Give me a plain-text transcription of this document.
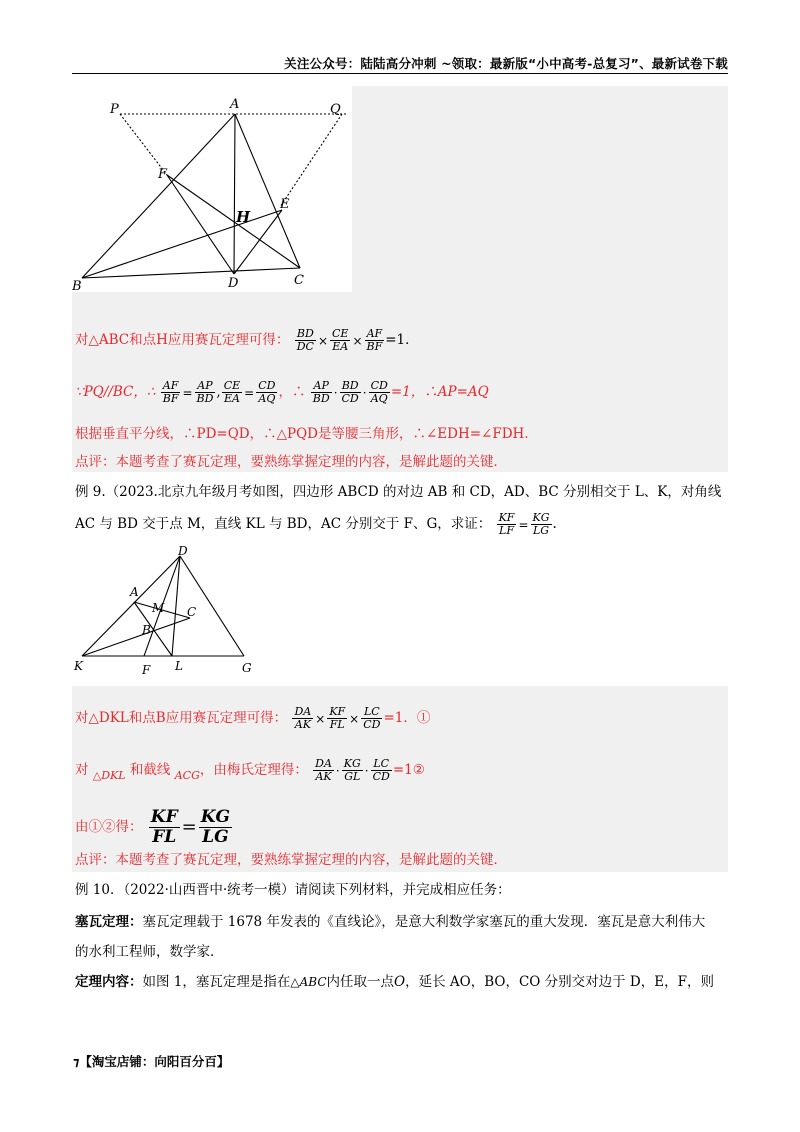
关注公众号：陆陆高分冲刺 ~领取：最新版“小中高考-总复习”、最新试卷下载
P	A	Q
F
H
E
B	D	C
对△ABC和点H应用赛瓦定理可得： $\frac{BD}{DC} \times \frac{CE}{EA} \times \frac{AF}{BF} =1$．
∵PQ//BC，∴ $\frac{AF}{BF} = \frac{AP}{BD}$ , $\frac{CE}{EA} = \frac{CD}{AQ}$ ，∴ $\frac{AP}{BD} \cdot \frac{BD}{CD} \cdot \frac{CD}{AQ} =1$，∴AP=AQ
根据垂直平分线，∴PD=QD，∴△PQD是等腰三角形，∴∠EDH=∠FDH．
点评：本题考查了赛瓦定理，要熟练掌握定理的内容，是解此题的关键．
例 9.（2023.北京九年级月考如图，四边形 ABCD 的对边 AB 和 CD，AD、BC 分别相交于 L、K，对角线
AC 与 BD 交于点 M，直线 KL 与 BD，AC 分别交于 F、G，求证： $\frac{KF}{LF} = \frac{KG}{LG}$ .
D
A
M C
B
K	F L	G
对△DKL和点B应用赛瓦定理可得： $\frac{DA}{AK} \times \frac{KF}{FL} \times \frac{LC}{CD} =1$．①
对 $_{\triangle DKL}$ 和截线 $_{ACG}$，由梅氏定理得： $\frac{DA}{AK} \cdot \frac{KG}{GL} \cdot \frac{LC}{CD}$ =1②
由①②得： $\frac{KF}{FL} = \frac{KG}{LG}$
点评：本题考查了赛瓦定理，要熟练掌握定理的内容，是解此题的关键．
例 10．（2022·山西晋中·统考一模）请阅读下列材料，并完成相应任务：
塞瓦定理：塞瓦定理载于 1678 年发表的《直线论》，是意大利数学家塞瓦的重大发现．塞瓦是意大利伟大
的水利工程师，数学家．
定理内容：如图 1，塞瓦定理是指在△ABC内任取一点O，延长 AO，BO，CO 分别交对边于 D，E，F，则
⁊【淘宝店铺：向阳百分百】
